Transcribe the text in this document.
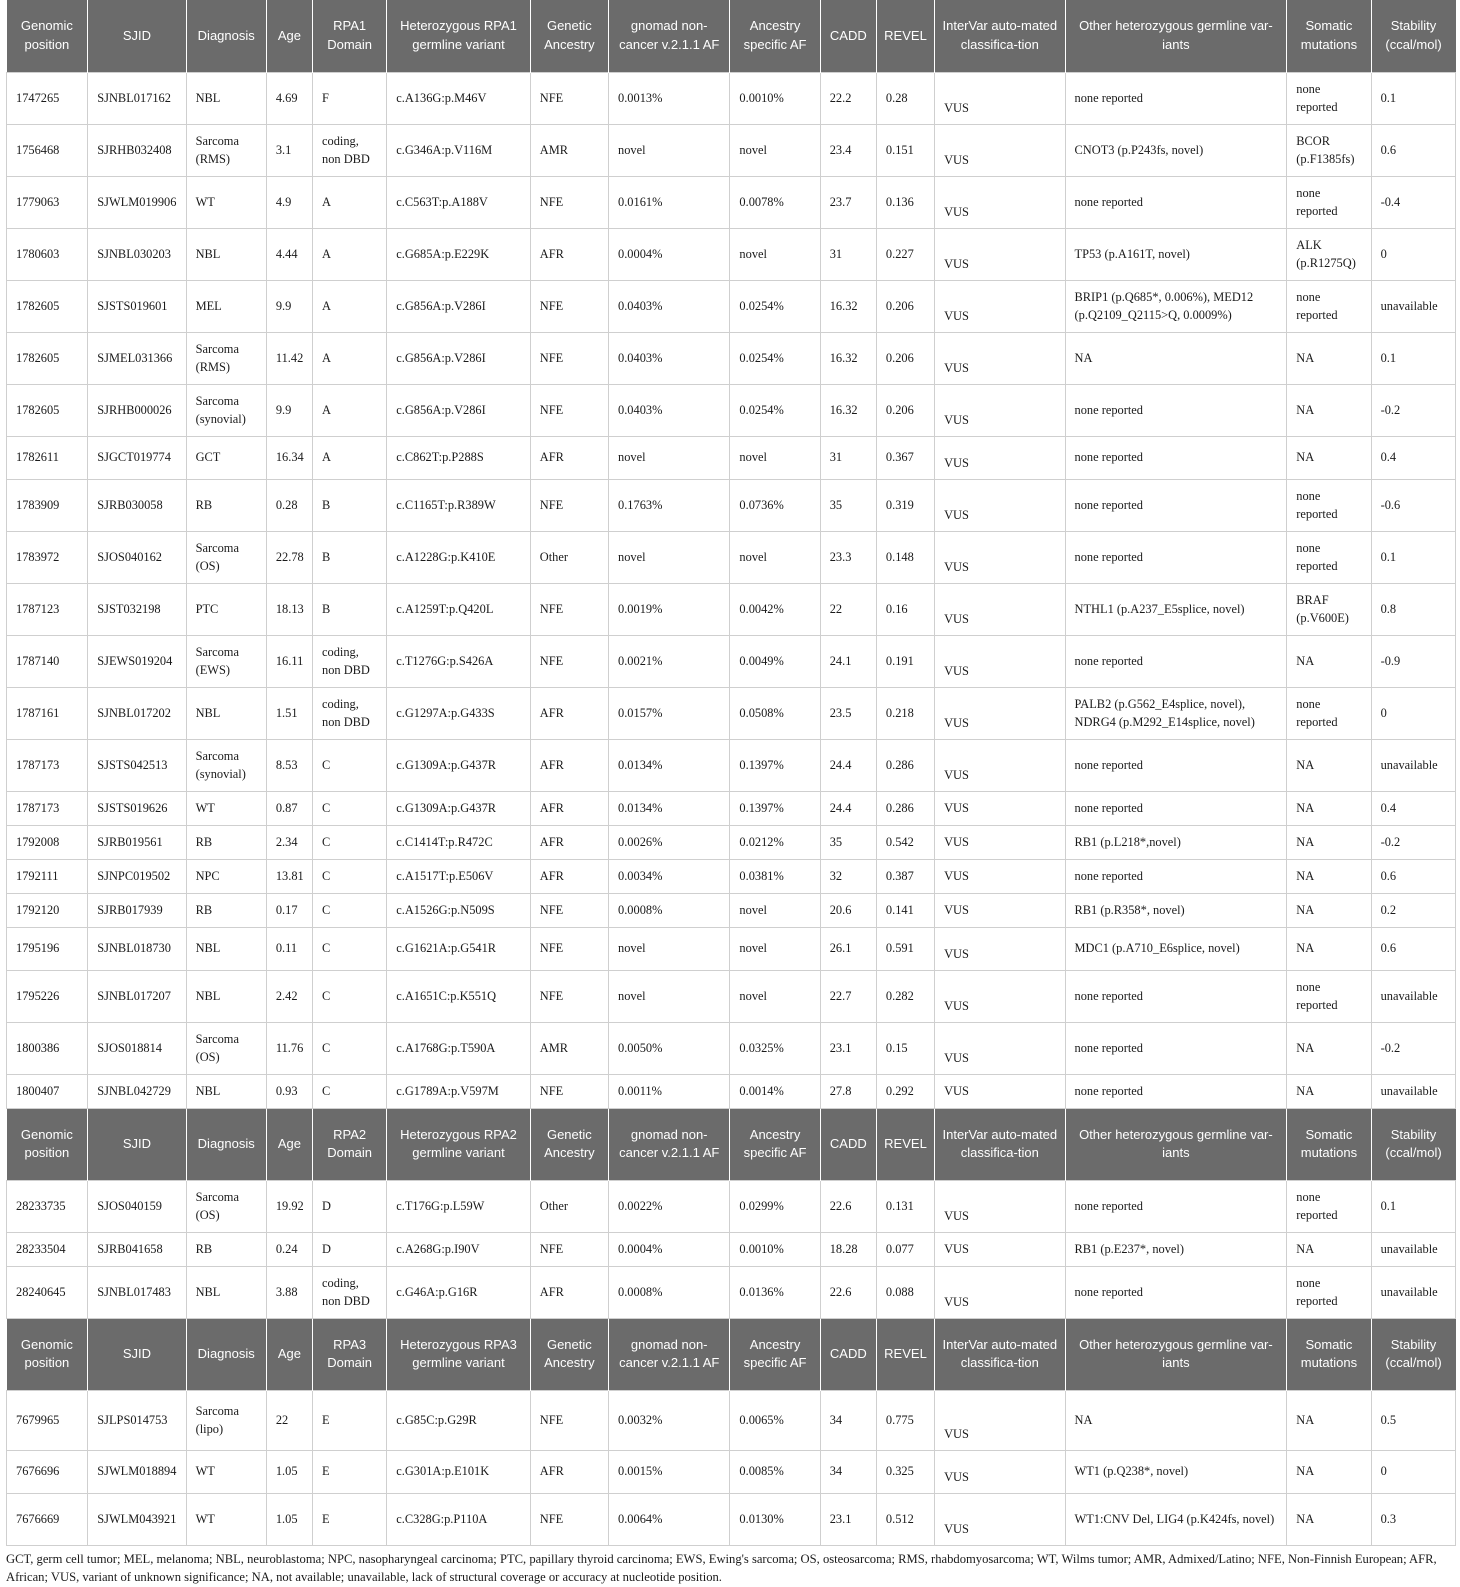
Genomic position	SJID	Diagnosis	Age	RPA1 Domain	Heterozygous RPA1 germline variant	Genetic Ancestry	gnomad non-cancer v.2.1.1 AF	Ancestry specific AF	CADD	REVEL	InterVar auto-mated classifica-tion	Other heterozygous germline var-iants	Somatic mutations	Stability (ccal/mol)
1747265	SJNBL017162	NBL	4.69	F	c.A136G:p.M46V	NFE	0.0013%	0.0010%	22.2	0.28	VUS	none reported	none reported	0.1
1756468	SJRHB032408	Sarcoma (RMS)	3.1	coding, non DBD	c.G346A:p.V116M	AMR	novel	novel	23.4	0.151	VUS	CNOT3 (p.P243fs, novel)	BCOR (p.F1385fs)	0.6
1779063	SJWLM019906	WT	4.9	A	c.C563T:p.A188V	NFE	0.0161%	0.0078%	23.7	0.136	VUS	none reported	none reported	-0.4
1780603	SJNBL030203	NBL	4.44	A	c.G685A:p.E229K	AFR	0.0004%	novel	31	0.227	VUS	TP53 (p.A161T, novel)	ALK (p.R1275Q)	0
1782605	SJSTS019601	MEL	9.9	A	c.G856A:p.V286I	NFE	0.0403%	0.0254%	16.32	0.206	VUS	BRIP1 (p.Q685*, 0.006%), MED12 (p.Q2109_Q2115>Q, 0.0009%)	none reported	unavailable
1782605	SJMEL031366	Sarcoma (RMS)	11.42	A	c.G856A:p.V286I	NFE	0.0403%	0.0254%	16.32	0.206	VUS	NA	NA	0.1
1782605	SJRHB000026	Sarcoma (synovial)	9.9	A	c.G856A:p.V286I	NFE	0.0403%	0.0254%	16.32	0.206	VUS	none reported	NA	-0.2
1782611	SJGCT019774	GCT	16.34	A	c.C862T:p.P288S	AFR	novel	novel	31	0.367	VUS	none reported	NA	0.4
1783909	SJRB030058	RB	0.28	B	c.C1165T:p.R389W	NFE	0.1763%	0.0736%	35	0.319	VUS	none reported	none reported	-0.6
1783972	SJOS040162	Sarcoma (OS)	22.78	B	c.A1228G:p.K410E	Other	novel	novel	23.3	0.148	VUS	none reported	none reported	0.1
1787123	SJST032198	PTC	18.13	B	c.A1259T:p.Q420L	NFE	0.0019%	0.0042%	22	0.16	VUS	NTHL1 (p.A237_E5splice, novel)	BRAF (p.V600E)	0.8
1787140	SJEWS019204	Sarcoma (EWS)	16.11	coding, non DBD	c.T1276G:p.S426A	NFE	0.0021%	0.0049%	24.1	0.191	VUS	none reported	NA	-0.9
1787161	SJNBL017202	NBL	1.51	coding, non DBD	c.G1297A:p.G433S	AFR	0.0157%	0.0508%	23.5	0.218	VUS	PALB2 (p.G562_E4splice, novel), NDRG4 (p.M292_E14splice, novel)	none reported	0
1787173	SJSTS042513	Sarcoma (synovial)	8.53	C	c.G1309A:p.G437R	AFR	0.0134%	0.1397%	24.4	0.286	VUS	none reported	NA	unavailable
1787173	SJSTS019626	WT	0.87	C	c.G1309A:p.G437R	AFR	0.0134%	0.1397%	24.4	0.286	VUS	none reported	NA	0.4
1792008	SJRB019561	RB	2.34	C	c.C1414T:p.R472C	AFR	0.0026%	0.0212%	35	0.542	VUS	RB1 (p.L218*,novel)	NA	-0.2
1792111	SJNPC019502	NPC	13.81	C	c.A1517T:p.E506V	AFR	0.0034%	0.0381%	32	0.387	VUS	none reported	NA	0.6
1792120	SJRB017939	RB	0.17	C	c.A1526G:p.N509S	NFE	0.0008%	novel	20.6	0.141	VUS	RB1 (p.R358*, novel)	NA	0.2
1795196	SJNBL018730	NBL	0.11	C	c.G1621A:p.G541R	NFE	novel	novel	26.1	0.591	VUS	MDC1 (p.A710_E6splice, novel)	NA	0.6
1795226	SJNBL017207	NBL	2.42	C	c.A1651C:p.K551Q	NFE	novel	novel	22.7	0.282	VUS	none reported	none reported	unavailable
1800386	SJOS018814	Sarcoma (OS)	11.76	C	c.A1768G:p.T590A	AMR	0.0050%	0.0325%	23.1	0.15	VUS	none reported	NA	-0.2
1800407	SJNBL042729	NBL	0.93	C	c.G1789A:p.V597M	NFE	0.0011%	0.0014%	27.8	0.292	VUS	none reported	NA	unavailable
Genomic position	SJID	Diagnosis	Age	RPA2 Domain	Heterozygous RPA2 germline variant	Genetic Ancestry	gnomad non-cancer v.2.1.1 AF	Ancestry specific AF	CADD	REVEL	InterVar auto-mated classifica-tion	Other heterozygous germline var-iants	Somatic mutations	Stability (ccal/mol)
28233735	SJOS040159	Sarcoma (OS)	19.92	D	c.T176G:p.L59W	Other	0.0022%	0.0299%	22.6	0.131	VUS	none reported	none reported	0.1
28233504	SJRB041658	RB	0.24	D	c.A268G:p.I90V	NFE	0.0004%	0.0010%	18.28	0.077	VUS	RB1 (p.E237*, novel)	NA	unavailable
28240645	SJNBL017483	NBL	3.88	coding, non DBD	c.G46A:p.G16R	AFR	0.0008%	0.0136%	22.6	0.088	VUS	none reported	none reported	unavailable
Genomic position	SJID	Diagnosis	Age	RPA3 Domain	Heterozygous RPA3 germline variant	Genetic Ancestry	gnomad non-cancer v.2.1.1 AF	Ancestry specific AF	CADD	REVEL	InterVar auto-mated classifica-tion	Other heterozygous germline var-iants	Somatic mutations	Stability (ccal/mol)
7679965	SJLPS014753	Sarcoma (lipo)	22	E	c.G85C:p.G29R	NFE	0.0032%	0.0065%	34	0.775	VUS	NA	NA	0.5
7676696	SJWLM018894	WT	1.05	E	c.G301A:p.E101K	AFR	0.0015%	0.0085%	34	0.325	VUS	WT1 (p.Q238*, novel)	NA	0
7676669	SJWLM043921	WT	1.05	E	c.C328G:p.P110A	NFE	0.0064%	0.0130%	23.1	0.512	VUS	WT1:CNV Del, LIG4 (p.K424fs, novel)	NA	0.3
GCT, germ cell tumor; MEL, melanoma; NBL, neuroblastoma; NPC, nasopharyngeal carcinoma; PTC, papillary thyroid carcinoma; EWS, Ewing's sarcoma; OS, osteosarcoma; RMS, rhabdomyosarcoma; WT, Wilms tumor; AMR, Admixed/Latino; NFE, Non-Finnish European; AFR, African; VUS, variant of unknown significance; NA, not available; unavailable, lack of structural coverage or accuracy at nucleotide position.
